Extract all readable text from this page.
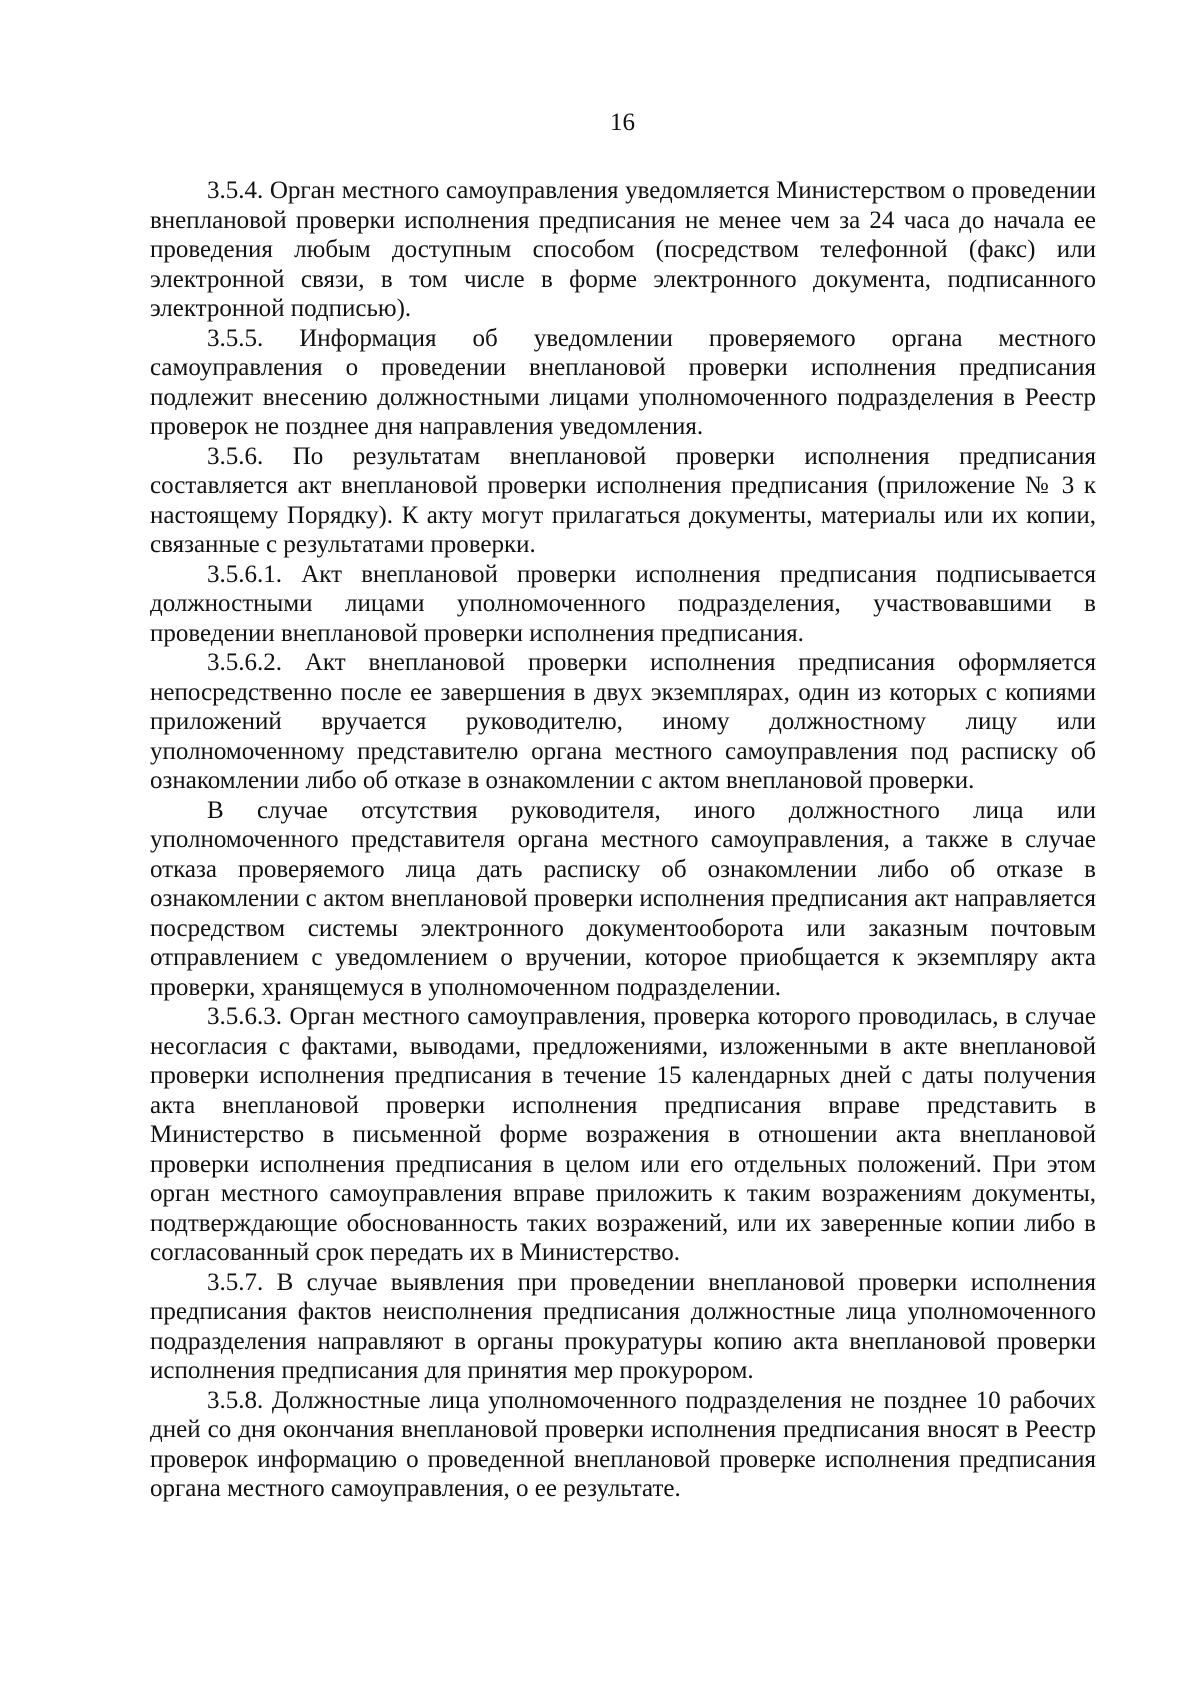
16

3.5.4. Орган местного самоуправления уведомляется Министерством о проведении внеплановой проверки исполнения предписания не менее чем за 24 часа до начала ее проведения любым доступным способом (посредством телефонной (факс) или электронной связи, в том числе в форме электронного документа, подписанного электронной подписью).

3.5.5. Информация об уведомлении проверяемого органа местного самоуправления о проведении внеплановой проверки исполнения предписания подлежит внесению должностными лицами уполномоченного подразделения в Реестр проверок не позднее дня направления уведомления.

3.5.6. По результатам внеплановой проверки исполнения предписания составляется акт внеплановой проверки исполнения предписания (приложение № 3 к настоящему Порядку). К акту могут прилагаться документы, материалы или их копии, связанные с результатами проверки.

3.5.6.1. Акт внеплановой проверки исполнения предписания подписывается должностными лицами уполномоченного подразделения, участвовавшими в проведении внеплановой проверки исполнения предписания.

3.5.6.2. Акт внеплановой проверки исполнения предписания оформляется непосредственно после ее завершения в двух экземплярах, один из которых с копиями приложений вручается руководителю, иному должностному лицу или уполномоченному представителю органа местного самоуправления под расписку об ознакомлении либо об отказе в ознакомлении с актом внеплановой проверки.

В случае отсутствия руководителя, иного должностного лица или уполномоченного представителя органа местного самоуправления, а также в случае отказа проверяемого лица дать расписку об ознакомлении либо об отказе в ознакомлении с актом внеплановой проверки исполнения предписания акт направляется посредством системы электронного документооборота или заказным почтовым отправлением с уведомлением о вручении, которое приобщается к экземпляру акта проверки, хранящемуся в уполномоченном подразделении.

3.5.6.3. Орган местного самоуправления, проверка которого проводилась, в случае несогласия с фактами, выводами, предложениями, изложенными в акте внеплановой проверки исполнения предписания в течение 15 календарных дней с даты получения акта внеплановой проверки исполнения предписания вправе представить в Министерство в письменной форме возражения в отношении акта внеплановой проверки исполнения предписания в целом или его отдельных положений. При этом орган местного самоуправления вправе приложить к таким возражениям документы, подтверждающие обоснованность таких возражений, или их заверенные копии либо в согласованный срок передать их в Министерство.

3.5.7. В случае выявления при проведении внеплановой проверки исполнения предписания фактов неисполнения предписания должностные лица уполномоченного подразделения направляют в органы прокуратуры копию акта внеплановой проверки исполнения предписания для принятия мер прокурором.

3.5.8. Должностные лица уполномоченного подразделения не позднее 10 рабочих дней со дня окончания внеплановой проверки исполнения предписания вносят в Реестр проверок информацию о проведенной внеплановой проверке исполнения предписания органа местного самоуправления, о ее результате.
